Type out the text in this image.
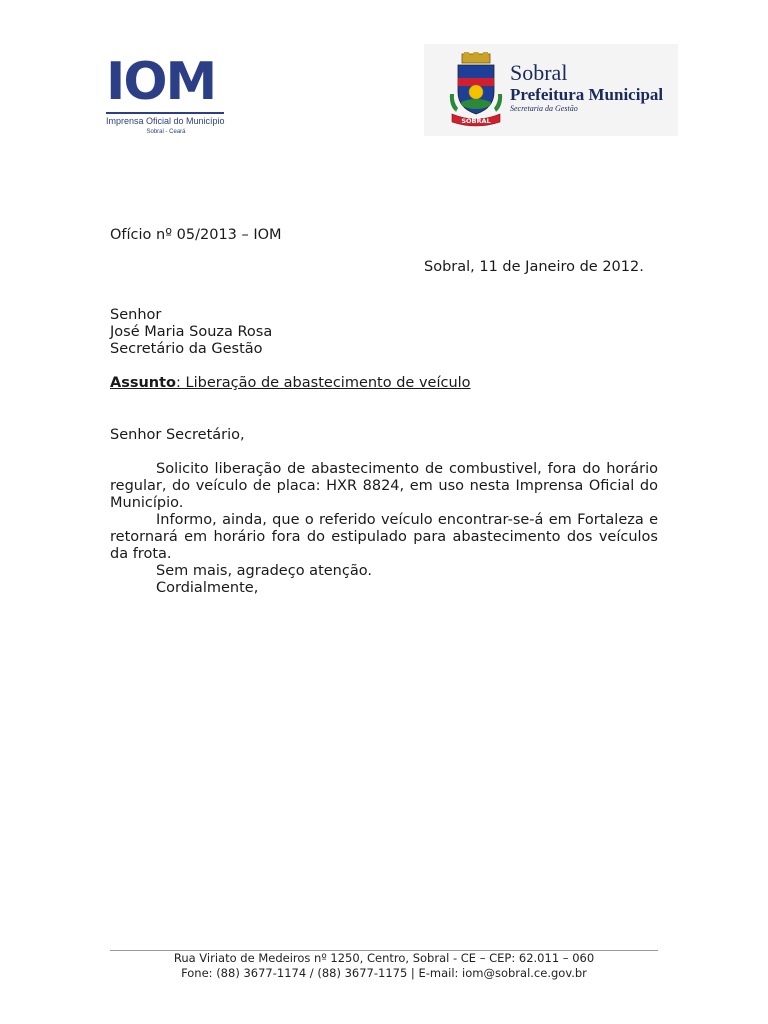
IOM
Imprensa Oficial do Município
Sobral - Ceará
SOBRAL
1773	1841
Sobral
Prefeitura Municipal
Secretaria da Gestão
Ofício nº 05/2013 – IOM
Sobral, 11 de Janeiro de 2012.
Senhor
José Maria Souza Rosa
Secretário da Gestão
Assunto: Liberação de abastecimento de veículo
Senhor Secretário,
Solicito liberação de abastecimento de combustivel, fora do horário regular, do veículo de placa: HXR 8824, em uso nesta Imprensa Oficial do Município.
Informo, ainda, que o referido veículo encontrar-se-á em Fortaleza e retornará em horário fora do estipulado para abastecimento dos veículos da frota.
Sem mais, agradeço atenção.
Cordialmente,
Rua Viriato de Medeiros nº 1250, Centro, Sobral - CE – CEP: 62.011 – 060
Fone: (88) 3677-1174 / (88) 3677-1175 | E-mail: iom@sobral.ce.gov.br
